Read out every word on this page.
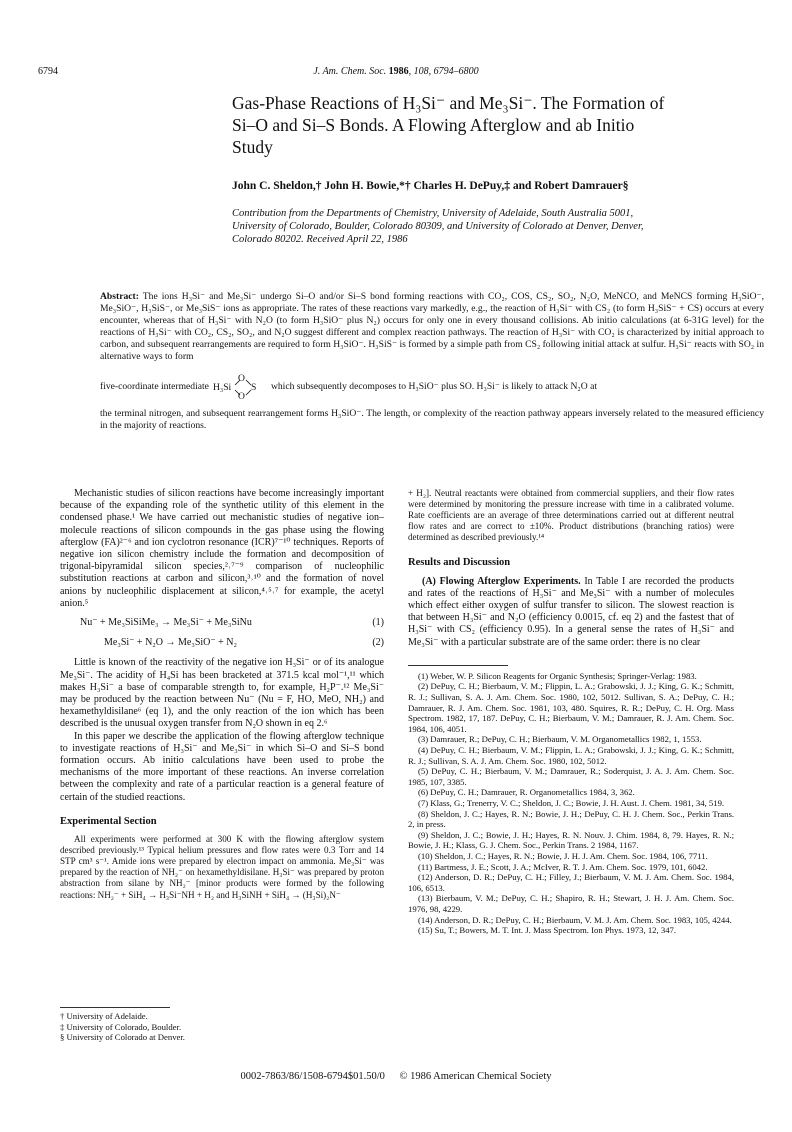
6794	J. Am. Chem. Soc. 1986, 108, 6794–6800
Gas-Phase Reactions of H₃Si⁻ and Me₃Si⁻. The Formation of
Si–O and Si–S Bonds. A Flowing Afterglow and ab Initio
Study
John C. Sheldon,† John H. Bowie,*† Charles H. DePuy,‡ and Robert Damrauer§
Contribution from the Departments of Chemistry, University of Adelaide, South Australia 5001,
University of Colorado, Boulder, Colorado 80309, and University of Colorado at Denver, Denver,
Colorado 80202. Received April 22, 1986

Abstract: The ions H₃Si⁻ and Me₃Si⁻ undergo Si–O and/or Si–S bond forming reactions with CO₂, COS, CS₂, SO₂, N₂O, MeNCO, and MeNCS forming H₃SiO⁻, Me₃SiO⁻, H₃SiS⁻, or Me₃SiS⁻ ions as appropriate. The rates of these reactions vary markedly, e.g., the reaction of H₃Si⁻ with CS₂ (to form H₃SiS⁻ + CS) occurs at every encounter, whereas that of H₃Si⁻ with N₂O (to form H₃SiO⁻ plus N₂) occurs for only one in every thousand collisions. Ab initio calculations (at 6-31G level) for the reactions of H₃Si⁻ with CO₂, CS₂, SO₂, and N₂O suggest different and complex reaction pathways. The reaction of H₃Si⁻ with CO₂ is characterized by initial approach to carbon, and subsequent rearrangements are required to form H₃SiO⁻. H₃SiS⁻ is formed by a simple path from CS₂ following initial attack at sulfur. H₃Si⁻ reacts with SO₂ in alternative ways to form

five-coordinate intermediate H₃Si
O
S
O
which subsequently decomposes to H₃SiO⁻ plus SO. H₃Si⁻ is likely to attack N₂O at

the terminal nitrogen, and subsequent rearrangement forms H₃SiO⁻. The length, or complexity of the reaction pathway appears inversely related to the measured efficiency in the majority of reactions.

Mechanistic studies of silicon reactions have become increasingly important because of the expanding role of the synthetic utility of this element in the condensed phase.¹ We have carried out mechanistic studies of negative ion–molecule reactions of silicon compounds in the gas phase using the flowing afterglow (FA)²⁻⁶ and ion cyclotron resonance (ICR)⁷⁻¹⁰ techniques. Reports of negative ion silicon chemistry include the formation and decomposition of trigonal-bipyramidal silicon species,²˒⁷⁻⁹ comparison of nucleophilic substitution reactions at carbon and silicon,³˒¹⁰ and the formation of novel anions by nucleophilic displacement at silicon,⁴˒⁵˒⁷ for example, the acetyl anion.⁵

Nu⁻ + Me₃SiSiMe₃ → Me₃Si⁻ + Me₃SiNu	(1)
Me₃Si⁻ + N₂O → Me₃SiO⁻ + N₂	(2)

Little is known of the reactivity of the negative ion H₃Si⁻ or of its analogue Me₃Si⁻. The acidity of H₄Si has been bracketed at 371.5 kcal mol⁻¹,¹¹ which makes H₃Si⁻ a base of comparable strength to, for example, H₂P⁻.¹² Me₃Si⁻ may be produced by the reaction between Nu⁻ (Nu = F, HO, MeO, NH₂) and hexamethyldisilane⁶ (eq 1), and the only reaction of the ion which has been described is the unusual oxygen transfer from N₂O shown in eq 2.⁶

In this paper we describe the application of the flowing afterglow technique to investigate reactions of H₃Si⁻ and Me₃Si⁻ in which Si–O and Si–S bond formation occurs. Ab initio calculations have been used to probe the mechanisms of the more important of these reactions. An inverse correlation between the complexity and rate of a particular reaction is a general feature of certain of the studied reactions.

Experimental Section

All experiments were performed at 300 K with the flowing afterglow system described previously.¹³ Typical helium pressures and flow rates were 0.3 Torr and 14 STP cm³ s⁻¹. Amide ions were prepared by electron impact on ammonia. Me₃Si⁻ was prepared by the reaction of NH₂⁻ on hexamethyldisilane. H₃Si⁻ was prepared by proton abstraction from silane by NH₂⁻ [minor products were formed by the following reactions: NH₂⁻ + SiH₄ → H₃Si⁻NH + H₂ and H₃SiNH + SiH₄ → (H₃Si)₂N⁻

† University of Adelaide.
‡ University of Colorado, Boulder.
§ University of Colorado at Denver.

+ H₂]. Neutral reactants were obtained from commercial suppliers, and their flow rates were determined by monitoring the pressure increase with time in a calibrated volume. Rate coefficients are an average of three determinations carried out at different neutral flow rates and are correct to ±10%. Product distributions (branching ratios) were determined as described previously.¹⁴

Results and Discussion

(A) Flowing Afterglow Experiments. In Table I are recorded the products and rates of the reactions of H₃Si⁻ and Me₃Si⁻ with a number of molecules which effect either oxygen of sulfur transfer to silicon. The slowest reaction is that between H₃Si⁻ and N₂O (efficiency 0.0015, cf. eq 2) and the fastest that of H₃Si⁻ with CS₂ (efficiency 0.95). In a general sense the rates of H₃Si⁻ and Me₃Si⁻ with a particular substrate are of the same order: there is no clear

(1) Weber, W. P. Silicon Reagents for Organic Synthesis; Springer-Verlag: 1983.
(2) DePuy, C. H.; Bierbaum, V. M.; Flippin, L. A.; Grabowski, J. J.; King, G. K.; Schmitt, R. J.; Sullivan, S. A. J. Am. Chem. Soc. 1980, 102, 5012. Sullivan, S. A.; DePuy, C. H.; Damrauer, R. J. Am. Chem. Soc. 1981, 103, 480. Squires, R. R.; DePuy, C. H. Org. Mass Spectrom. 1982, 17, 187. DePuy, C. H.; Bierbaum, V. M.; Damrauer, R. J. Am. Chem. Soc. 1984, 106, 4051.
(3) Damrauer, R.; DePuy, C. H.; Bierbaum, V. M. Organometallics 1982, 1, 1553.
(4) DePuy, C. H.; Bierbaum, V. M.; Flippin, L. A.; Grabowski, J. J.; King, G. K.; Schmitt, R. J.; Sullivan, S. A. J. Am. Chem. Soc. 1980, 102, 5012.
(5) DePuy, C. H.; Bierbaum, V. M.; Damrauer, R.; Soderquist, J. A. J. Am. Chem. Soc. 1985, 107, 3385.
(6) DePuy, C. H.; Damrauer, R. Organometallics 1984, 3, 362.
(7) Klass, G.; Trenerry, V. C.; Sheldon, J. C.; Bowie, J. H. Aust. J. Chem. 1981, 34, 519.
(8) Sheldon, J. C.; Hayes, R. N.; Bowie, J. H.; DePuy, C. H. J. Chem. Soc., Perkin Trans. 2, in press.
(9) Sheldon, J. C.; Bowie, J. H.; Hayes, R. N. Nouv. J. Chim. 1984, 8, 79. Hayes, R. N.; Bowie, J. H.; Klass, G. J. Chem. Soc., Perkin Trans. 2 1984, 1167.
(10) Sheldon, J. C.; Hayes, R. N.; Bowie, J. H. J. Am. Chem. Soc. 1984, 106, 7711.
(11) Bartmess, J. E.; Scott, J. A.; McIver, R. T. J. Am. Chem. Soc. 1979, 101, 6042.
(12) Anderson, D. R.; DePuy, C. H.; Filley, J.; Bierbaum, V. M. J. Am. Chem. Soc. 1984, 106, 6513.
(13) Bierbaum, V. M.; DePuy, C. H.; Shapiro, R. H.; Stewart, J. H. J. Am. Chem. Soc. 1976, 98, 4229.
(14) Anderson, D. R.; DePuy, C. H.; Bierbaum, V. M. J. Am. Chem. Soc. 1983, 105, 4244.
(15) Su, T.; Bowers, M. T. Int. J. Mass Spectrom. Ion Phys. 1973, 12, 347.
0002-7863/86/1508-6794$01.50/0 © 1986 American Chemical Society
